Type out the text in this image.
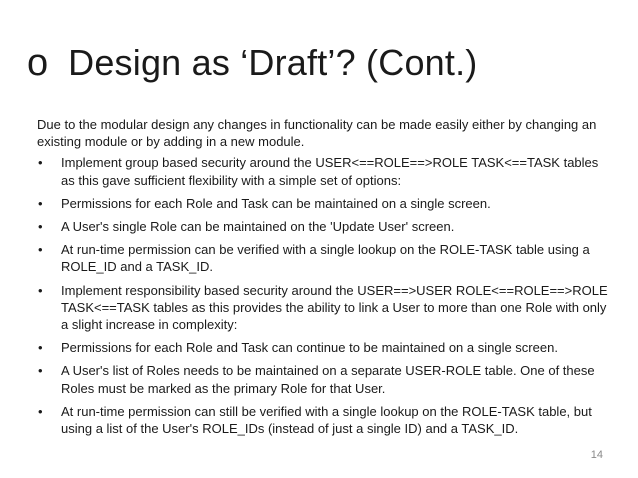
o Design as ‘Draft’? (Cont.)

Due to the modular design any changes in functionality can be made easily either by changing an existing module or by adding in a new module.

• Implement group based security around the USER<==ROLE==>ROLE TASK<==TASK tables as this gave sufficient flexibility with a simple set of options:
• Permissions for each Role and Task can be maintained on a single screen.
• A User's single Role can be maintained on the 'Update User' screen.
• At run-time permission can be verified with a single lookup on the ROLE-TASK table using a ROLE_ID and a TASK_ID.
• Implement responsibility based security around the USER==>USER ROLE<==ROLE==>ROLE TASK<==TASK tables as this provides the ability to link a User to more than one Role with only a slight increase in complexity:
• Permissions for each Role and Task can continue to be maintained on a single screen.
• A User's list of Roles needs to be maintained on a separate USER-ROLE table. One of these Roles must be marked as the primary Role for that User.
• At run-time permission can still be verified with a single lookup on the ROLE-TASK table, but using a list of the User's ROLE_IDs (instead of just a single ID) and a TASK_ID.
14
